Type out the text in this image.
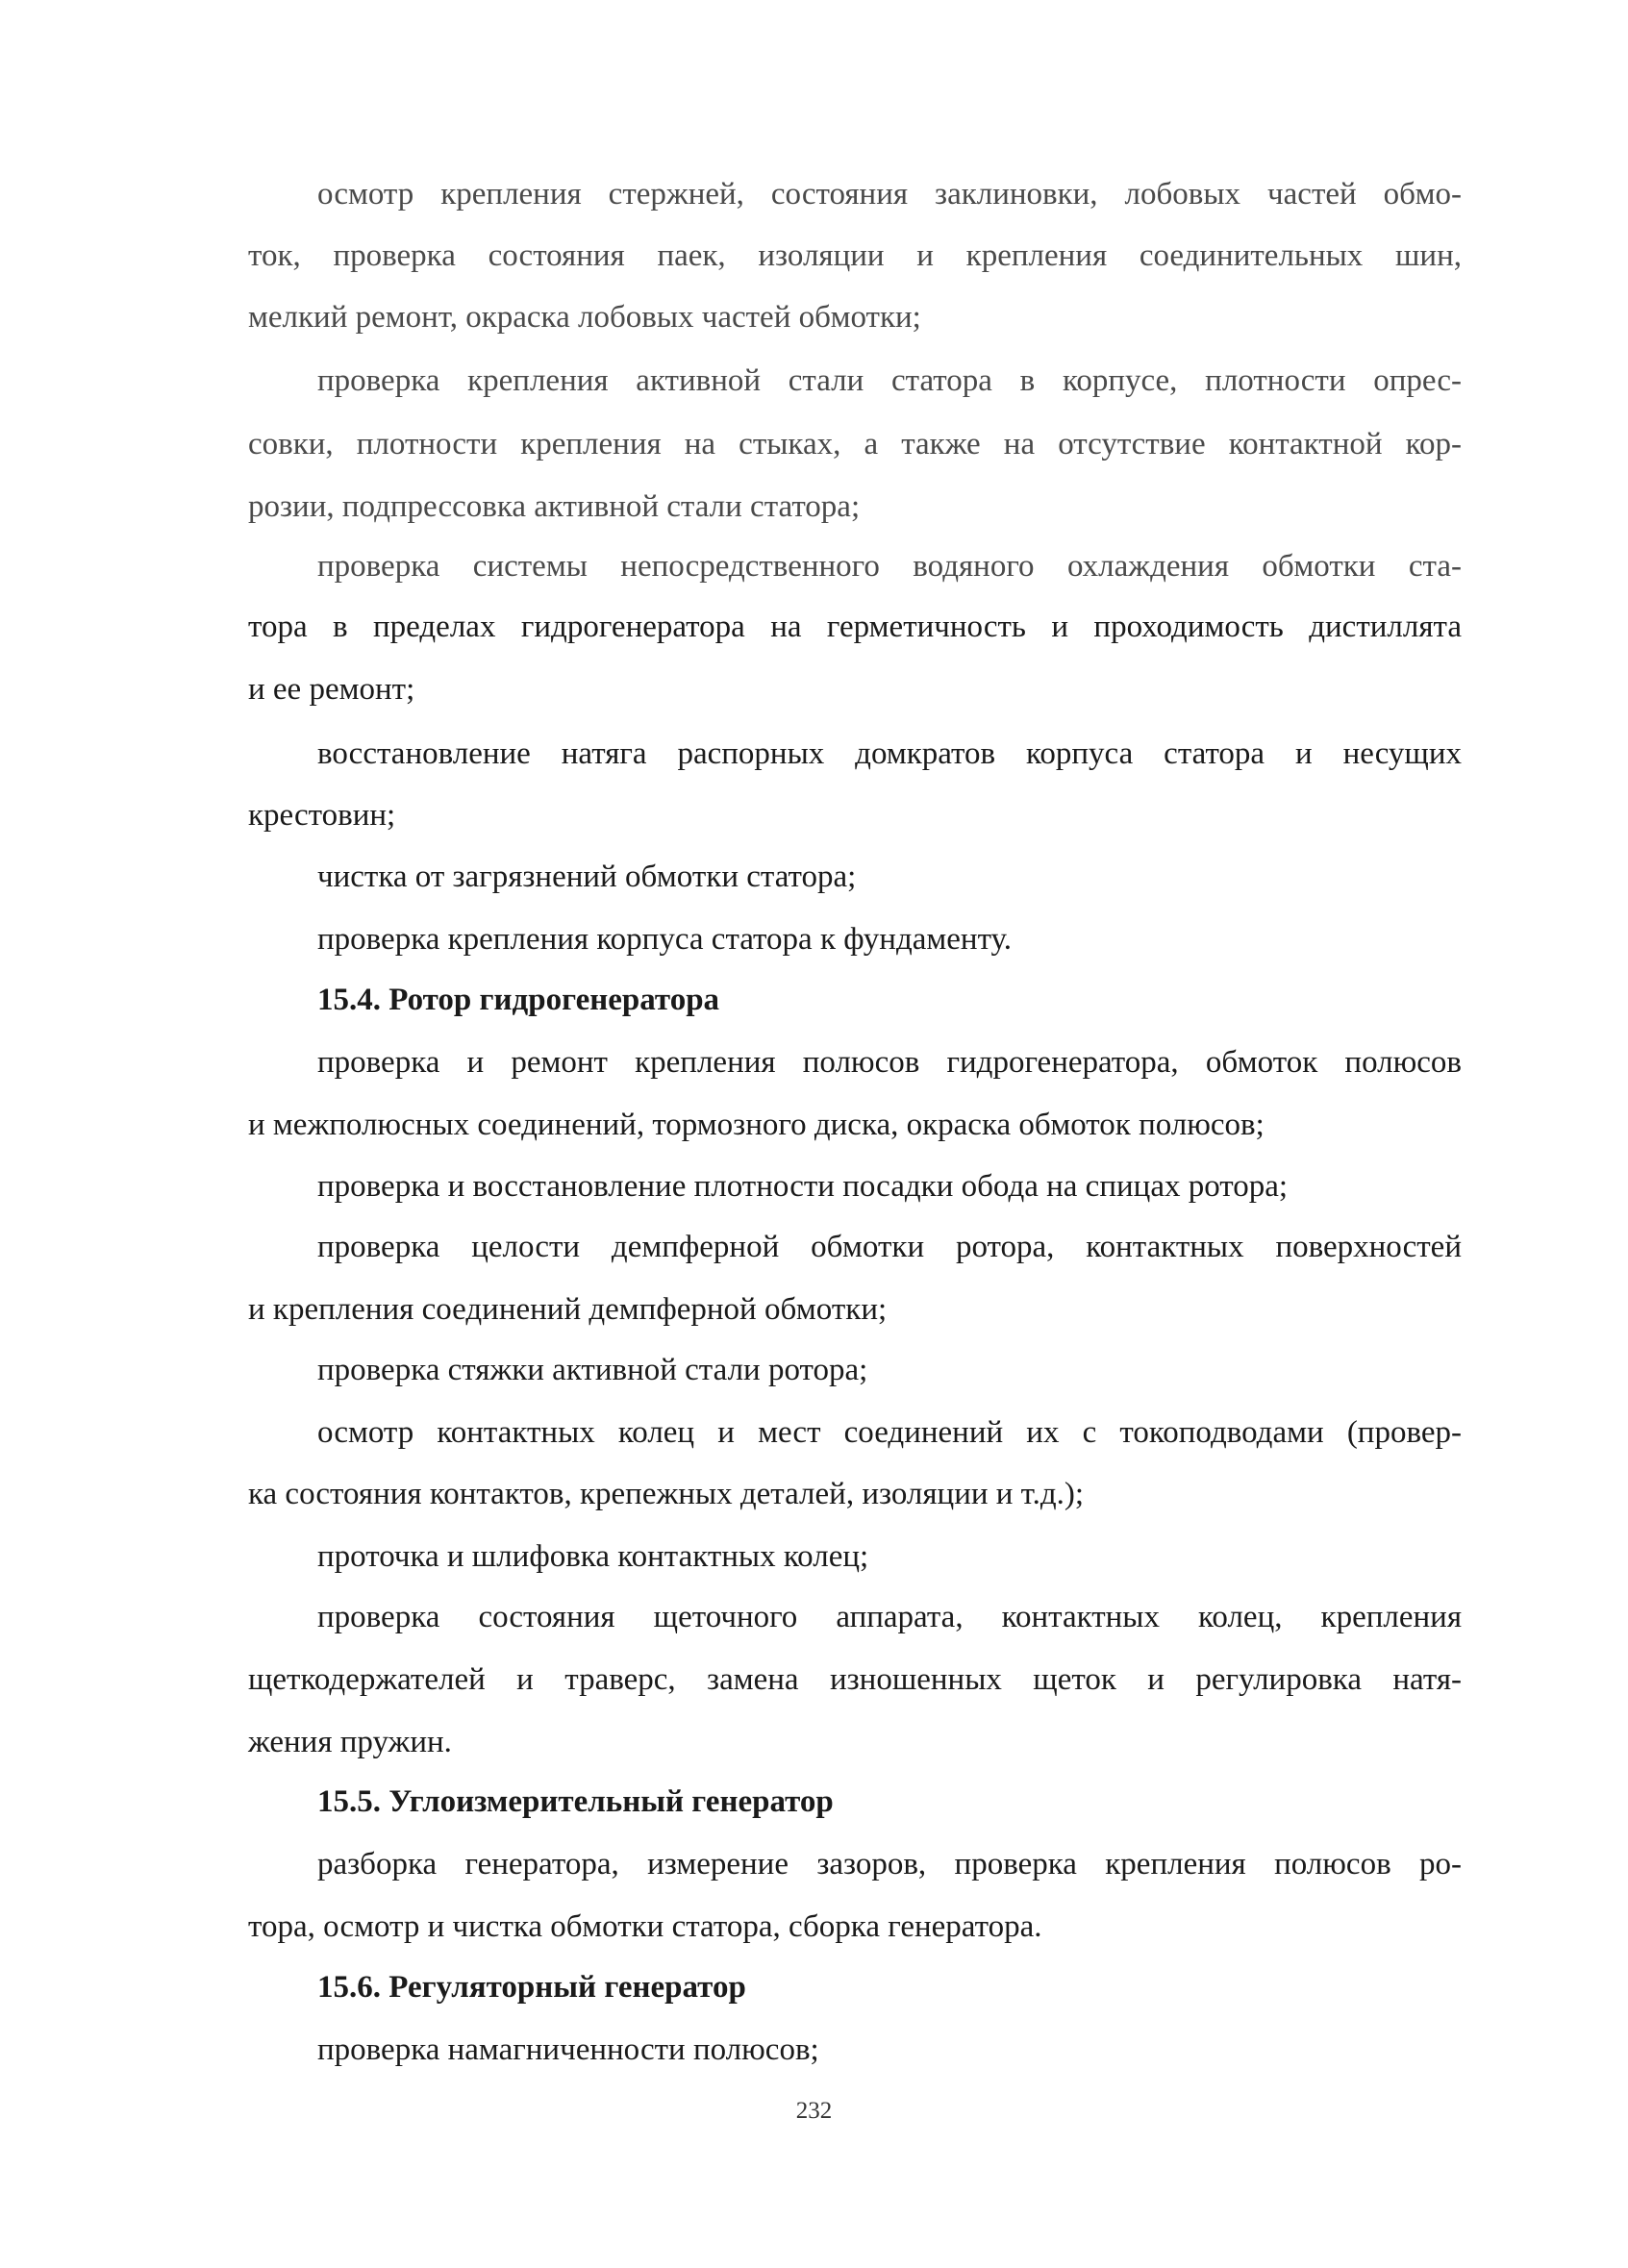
осмотр крепления стержней, состояния заклиновки, лобовых частей обмо-
ток, проверка состояния паек, изоляции и крепления соединительных шин,
мелкий ремонт, окраска лобовых частей обмотки;
проверка крепления активной стали статора в корпусе, плотности опрес-
совки, плотности крепления на стыках, а также на отсутствие контактной кор-
розии, подпрессовка активной стали статора;
проверка системы непосредственного водяного охлаждения обмотки ста-
тора в пределах гидрогенератора на герметичность и проходимость дистиллята
и ее ремонт;
восстановление натяга распорных домкратов корпуса статора и несущих
крестовин;
чистка от загрязнений обмотки статора;
проверка крепления корпуса статора к фундаменту.
15.4. Ротор гидрогенератора
проверка и ремонт крепления полюсов гидрогенератора, обмоток полюсов
и межполюсных соединений, тормозного диска, окраска обмоток полюсов;
проверка и восстановление плотности посадки обода на спицах ротора;
проверка целости демпферной обмотки ротора, контактных поверхностей
и крепления соединений демпферной обмотки;
проверка стяжки активной стали ротора;
осмотр контактных колец и мест соединений их с токоподводами (провер-
ка состояния контактов, крепежных деталей, изоляции и т.д.);
проточка и шлифовка контактных колец;
проверка состояния щеточного аппарата, контактных колец, крепления
щеткодержателей и траверс, замена изношенных щеток и регулировка натя-
жения пружин.
15.5. Углоизмерительный генератор
разборка генератора, измерение зазоров, проверка крепления полюсов ро-
тора, осмотр и чистка обмотки статора, сборка генератора.
15.6. Регуляторный генератор
проверка намагниченности полюсов;
232
